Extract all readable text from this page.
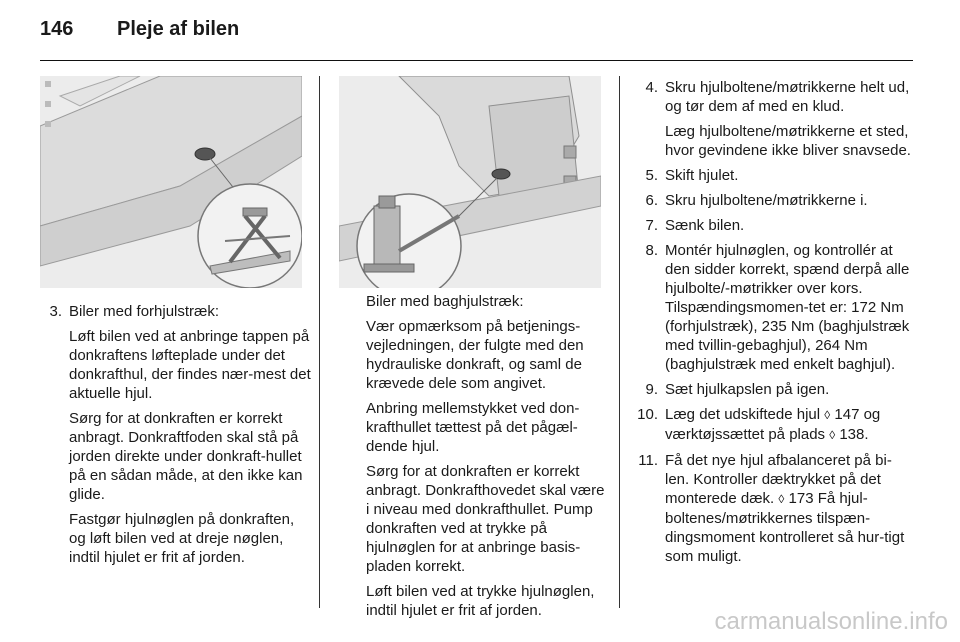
146 Pleje af bilen
3. Biler med forhjulstræk:

Løft bilen ved at anbringe tappen på donkraftens løfteplade under det donkrafthul, der findes nær-mest det aktuelle hjul.

Sørg for at donkraften er korrekt anbragt. Donkraftfoden skal stå på jorden direkte under donkraft-hullet på en sådan måde, at den ikke kan glide.

Fastgør hjulnøglen på donkraften, og løft bilen ved at dreje nøglen, indtil hjulet er frit af jorden.

Biler med baghjulstræk:

Vær opmærksom på betjenings-vejledningen, der fulgte med den hydrauliske donkraft, og saml de krævede dele som angivet.

Anbring mellemstykket ved don-krafthullet tættest på det pågæl-dende hjul.

Sørg for at donkraften er korrekt anbragt. Donkrafthovedet skal være i niveau med donkrafthullet. Pump donkraften ved at trykke på hjulnøglen for at anbringe basis-pladen korrekt.

Løft bilen ved at trykke hjulnøglen, indtil hjulet er frit af jorden.

4. Skru hjulboltene/møtrikkerne helt ud, og tør dem af med en klud.

Læg hjulboltene/møtrikkerne et sted, hvor gevindene ikke bliver snavsede.

5. Skift hjulet.
6. Skru hjulboltene/møtrikkerne i.
7. Sænk bilen.
8. Montér hjulnøglen, og kontrollér at den sidder korrekt, spænd derpå alle hjulbolte/-møtrikker over kors. Tilspændingsmomen-tet er: 172 Nm (forhjulstræk), 235 Nm (baghjulstræk med tvillin-gebaghjul), 264 Nm (baghjulstræk med enkelt baghjul).
9. Sæt hjulkapslen på igen.
10. Læg det udskiftede hjul ◊ 147 og værktøjssættet på plads ◊ 138.
11. Få det nye hjul afbalanceret på bi-len. Kontroller dæktrykket på det monterede dæk. ◊ 173 Få hjul-boltenes/møtrikkernes tilspæn-dingsmoment kontrolleret så hur-tigt som muligt.
carmanualsonline.info
